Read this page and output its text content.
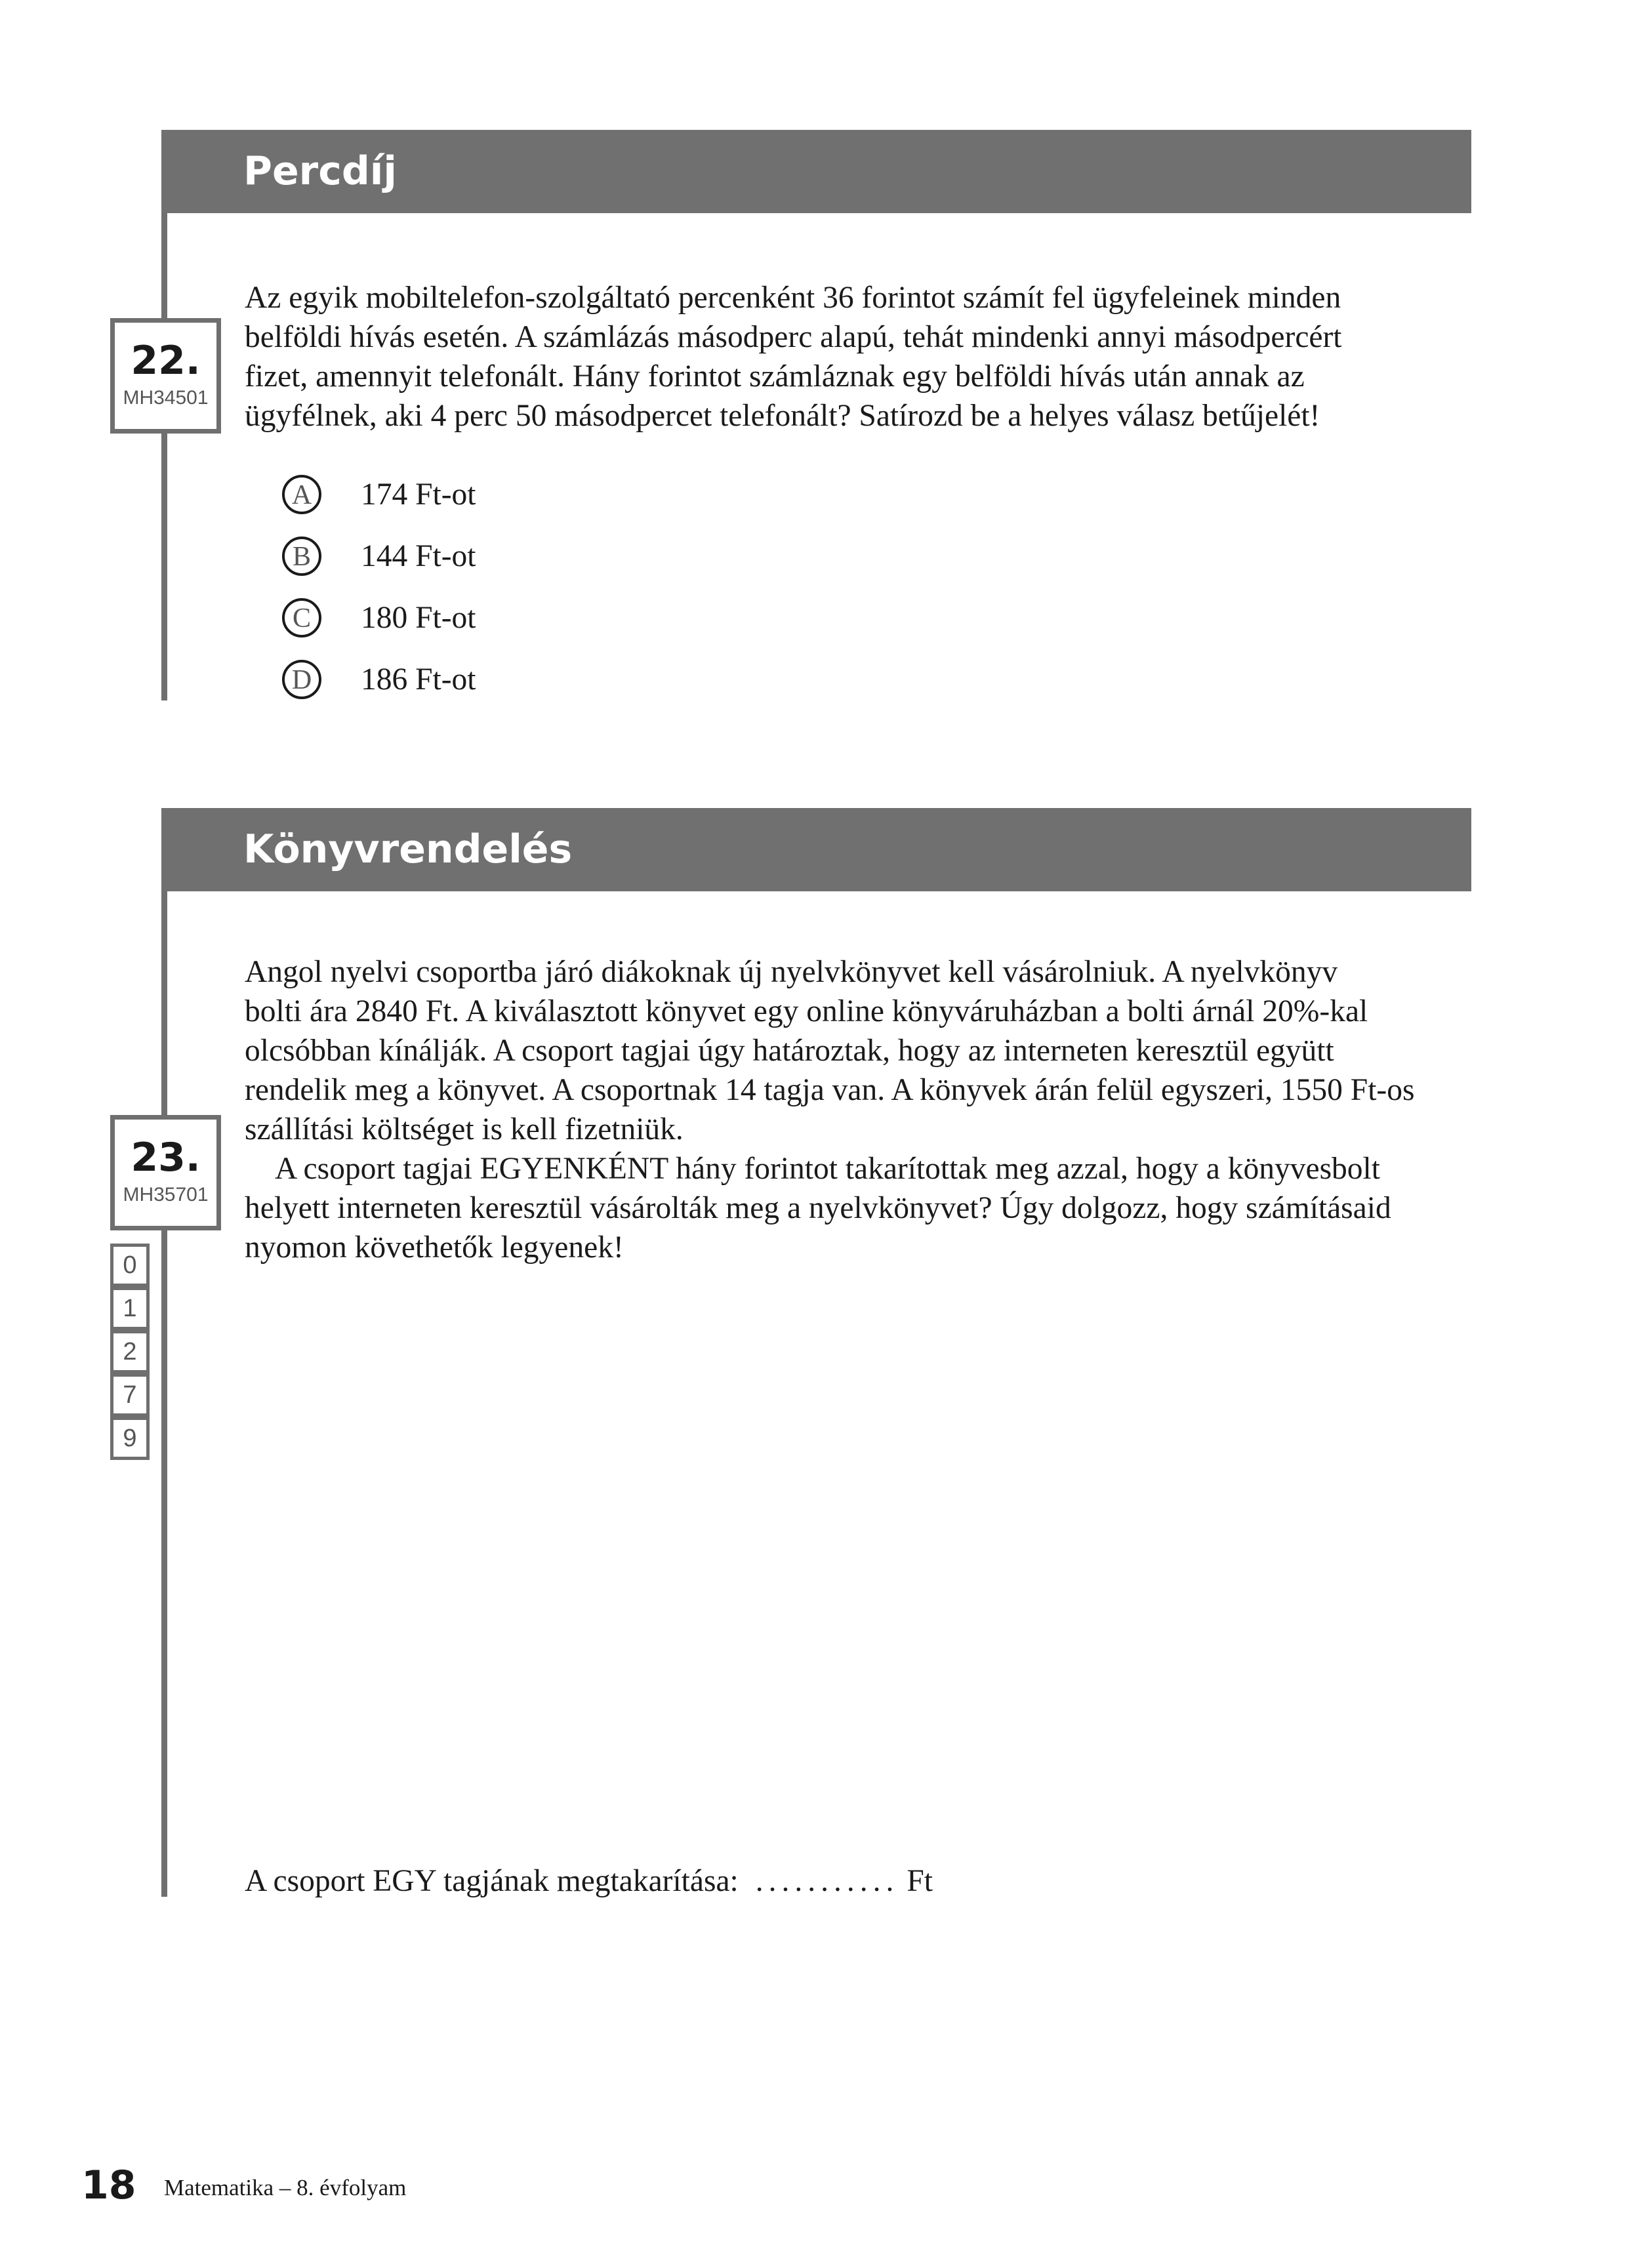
Percdíj
22.
MH34501

Az egyik mobiltelefon-szolgáltató percenként 36 forintot számít fel ügyfeleinek minden

belföldi hívás esetén. A számlázás másodperc alapú, tehát mindenki annyi másodpercért

fizet, amennyit telefonált. Hány forintot számláznak egy belföldi hívás után annak az

ügyfélnek, aki 4 perc 50 másodpercet telefonált? Satírozd be a helyes válasz betűjelét!

A	174 Ft-ot
B	144 Ft-ot
C	180 Ft-ot
D	186 Ft-ot
Könyvrendelés
23.
MH35701

Angol nyelvi csoportba járó diákoknak új nyelvkönyvet kell vásárolniuk. A nyelvkönyv

bolti ára 2840 Ft. A kiválasztott könyvet egy online könyváruházban a bolti árnál 20%-kal

olcsóbban kínálják. A csoport tagjai úgy határoztak, hogy az interneten keresztül együtt

rendelik meg a könyvet. A csoportnak 14 tagja van. A könyvek árán felül egyszeri, 1550 Ft-os

szállítási költséget is kell fizetniük.

A csoport tagjai EGYENKÉNT hány forintot takarítottak meg azzal, hogy a könyvesbolt

helyett interneten keresztül vásárolták meg a nyelvkönyvet? Úgy dolgozz, hogy számításaid

nyomon követhetők legyenek!

0
1
2
7
9
A csoport EGY tagjának megtakarítása: ........... Ft
18 Matematika – 8. évfolyam
